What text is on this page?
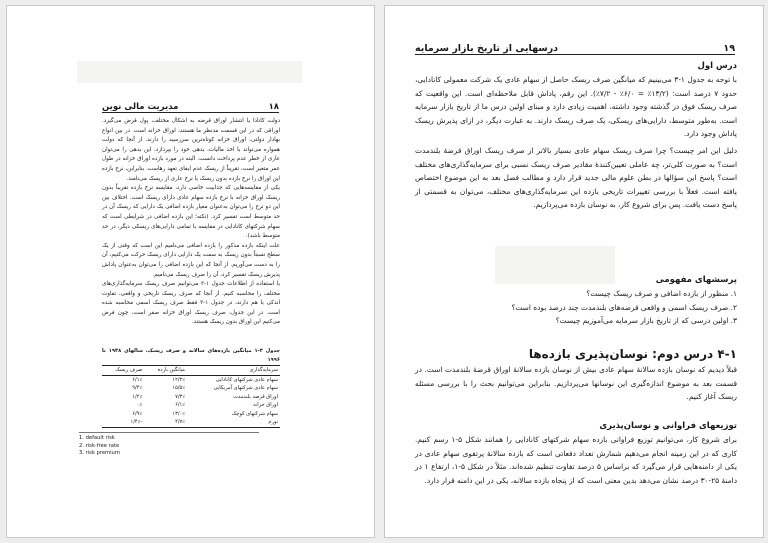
۱۸
مدیریت مالی نوین

دولت کانادا یا انتشار اوراق قرضه به اشکال مختلف، پول قرض می‌گیرد. اوراقی که در این قسمت مدنظر ما هستند، اوراق خزانه است. در بین انواع بهادار دولتی، اوراق خزانه کوتاه‌ترین سررسید را دارند. از آنجا که دولت همواره می‌تواند با اخذ مالیات، بدهی خود را بپردازد، این بدهی را می‌توان عاری از خطر عدم پرداخت دانست. البته در مورد بازده اوراق خزانه در طول عمر متغیر است، تقریباً از ریسک عدم ایفای تعهد رهاست. بنابراین، نرخ بازده این اوراق را نرخ بازده بدون ریسک یا نرخ عاری از ریسک می‌نامند.

یکی از مقایسه‌هایی که جذابیت خاصی دارد، مقایسه نرخ بازده تقریباً بدون ریسک اوراق خزانه با نرخ بازده سهام عادی دارای ریسک است. اختلاف بین این دو نرخ را می‌توان به‌عنوان معیار بازده اضافی یک دارایی که ریسک آن در حد متوسط است تفسیر کرد. (نکته؛ این بازده اضافی در شرایطی است که سهام شرکتهای کانادایی در مقایسه با تمامی دارایی‌های ریسکی دیگر، در حد متوسط باشد).

علت اینکه بازده مذکور را بازده اضافی می‌نامیم این است که وقتی از یک سطح نسبتاً بدون ریسک به سمت یک دارایی دارای ریسک حرکت می‌کنیم، آن را به دست می‌آوریم. از آنجا که این بازده اضافی را می‌توان به‌عنوان پاداش پذیرش ریسک تفسیر کرد، آن را صرف ریسک می‌نامیم.

با استفاده از اطلاعات جدول ۱-۳ می‌توانیم صرف ریسک سرمایه‌گذاری‌های مختلف را محاسبه کنیم. از آنجا که صرف ریسک تاریخی و واقعی، تفاوت اندکی با هم دارند، در جدول ۱-۳ فقط صرف ریسک اسمی محاسبه شده است. در این جدول، صرف ریسک اوراق خزانه صفر است، چون فرض می‌کنیم این اوراق بدون ریسک هستند.

جدول ۳-۱ میانگین بازده‌های سالانه و صرف ریسک، سالهای ۱۹۴۸ تا ۱۹۹۶
سرمایه‌گذاری	میانگین بازده	صرف ریسک
سهام عادی شرکتهای کانادایی	۱۲/۲٪	۶/۱٪
سهام عادی شرکتهای آمریکایی	۱۵/۵٪	۹/۴٪
اوراق قرضه بلندمدت	۷/۳٪	۱/۲٪
اوراق خزانه	۶/۱٪	۰٪
سهام شرکتهای کوچک	۱۳/۰٪	۶/۹٪
تورم	۴/۷٪	-۱/۴٪
1. default risk
2. risk-free rate
3. risk premium
۱۹
درسهایی از تاریخ بازار سرمایه

درس اول

با توجه به جدول ۱-۳ می‌بینیم که میانگین صرف ریسک حاصل از سهام عادی یک شرکت معمولی کانادایی، حدود ۷ درصد است: (۱۳/۲٪ = ۶/۰٪ - ۷/۲٪). این رقم، پاداش قابل ملاحظه‌ای است. این واقعیت که صرف ریسک فوق در گذشته وجود داشته، اهمیت زیادی دارد و مبنای اولین درس ما از تاریخ بازار سرمایه است. به‌طور متوسط، دارایی‌های ریسکی، یک صرف ریسک دارند. به عبارت دیگر، در ازای پذیرش ریسک پاداش وجود دارد.

دلیل این امر چیست؟ چرا صرف ریسک سهام عادی بسیار بالاتر از صرف ریسک اوراق قرضهٔ بلندمدت است؟ به صورت کلی‌تر، چه عاملی تعیین‌کنندهٔ مقادیر صرف ریسک نسبی برای سرمایه‌گذاری‌های مختلف است؟ پاسخ این سؤالها در بطن علوم مالی جدید قرار دارد و مطالب فصل بعد به این موضوع اختصاص یافته است. فعلاً با بررسی تغییرات تاریخی بازده این سرمایه‌گذاری‌های مختلف، می‌توان به قسمتی از پاسخ دست یافت. پس برای شروع کار، به نوسان بازده می‌پردازیم.

پرسشهای مفهومی

۱. منظور از بازده اضافی و صرف ریسک چیست؟
۲. صرف ریسک اسمی و واقعی قرضه‌های بلندمدت چند درصد بوده است؟
۳. اولین درسی که از تاریخ بازار سرمایه می‌آموزیم چیست؟

۴-۱ درس دوم: نوسان‌پذیری بازده‌ها

قبلاً دیدیم که نوسان بازده سالانهٔ سهام عادی بیش از نوسان بازده سالانهٔ اوراق قرضهٔ بلندمدت است. در قسمت بعد به موضوع اندازه‌گیری این نوسانها می‌پردازیم. بنابراین می‌توانیم بحث را با بررسی مسئله ریسک آغاز کنیم.

توزیعهای فراوانی و نوسان‌پذیری

برای شروع کار، می‌توانیم توزیع فراوانی بازده سهام شرکتهای کانادایی را همانند شکل ۵-۱ رسم کنیم. کاری که در این زمینه انجام می‌دهیم شمارش تعداد دفعاتی است که بازده سالانهٔ پرتفوی سهام عادی در یکی از دامنه‌هایی قرار می‌گیرد که براساس ۵ درصد تفاوت تنظیم شده‌اند. مثلاً در شکل ۵-۱، ارتفاع ۱ در دامنهٔ ۲۵-۳۰ درصد نشان می‌دهد بدین معنی است که از پنجاه بازده سالانه، یکی در این دامنه قرار دارد.
